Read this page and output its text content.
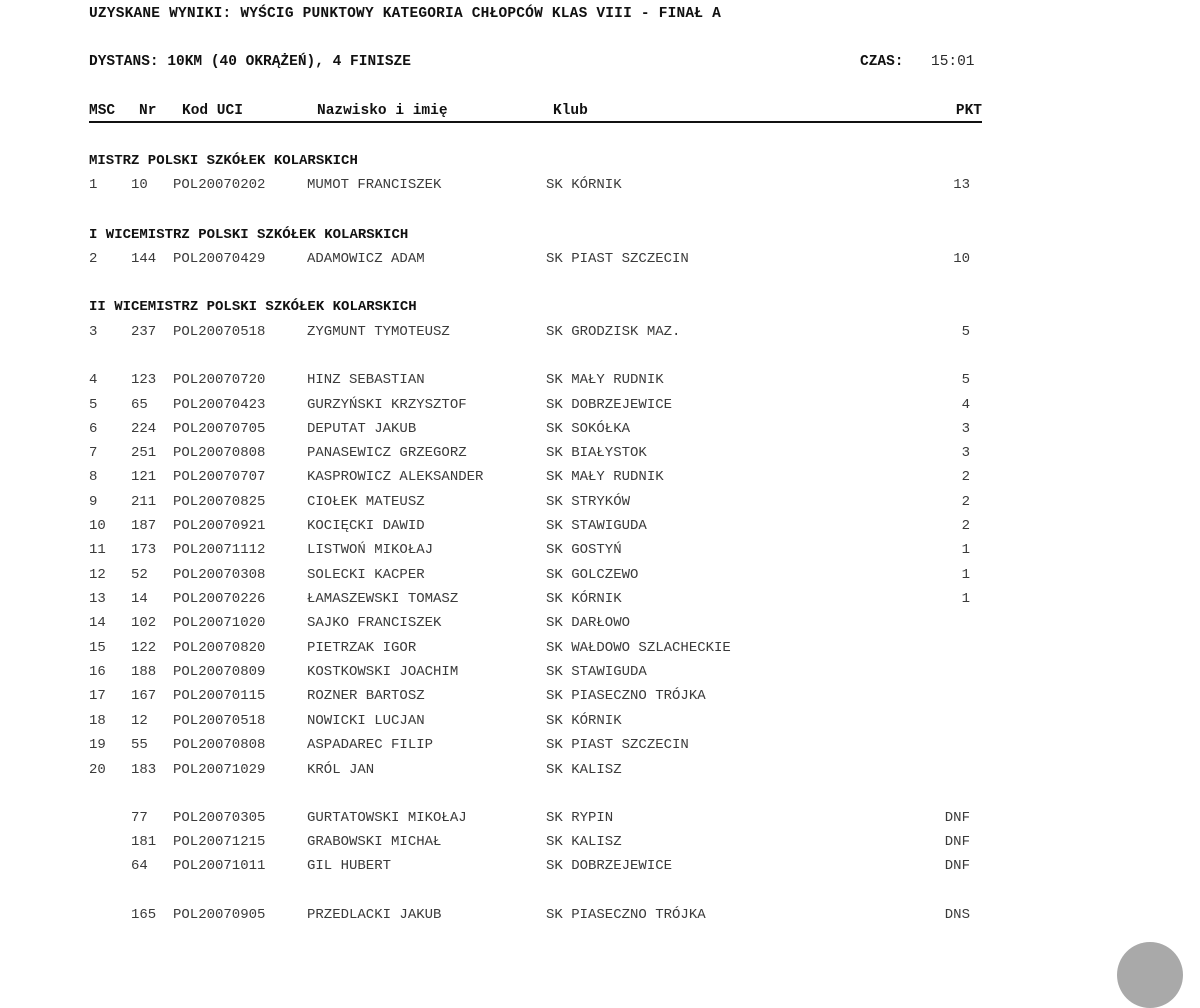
UZYSKANE WYNIKI: WYŚCIG PUNKTOWY KATEGORIA CHŁOPCÓW KLAS VIII - FINAŁ A
DYSTANS: 10KM (40 OKRĄŻEŃ), 4 FINISZE	CZAS: 15:01
MSC Nr Kod UCI	Nazwisko i imię	Klub	PKT
MISTRZ POLSKI SZKÓŁEK KOLARSKICH
I WICEMISTRZ POLSKI SZKÓŁEK KOLARSKICH
II WICEMISTRZ POLSKI SZKÓŁEK KOLARSKICH
1 10 POL20070202	MUMOT FRANCISZEK	SK KÓRNIK	13
2 144 POL20070429	ADAMOWICZ ADAM	SK PIAST SZCZECIN	10
3 237 POL20070518	ZYGMUNT TYMOTEUSZ	SK GRODZISK MAZ.	5
4 123 POL20070720	HINZ SEBASTIAN	SK MAŁY RUDNIK	5
5 65 POL20070423	GURZYŃSKI KRZYSZTOF	SK DOBRZEJEWICE	4
6 224 POL20070705	DEPUTAT JAKUB	SK SOKÓŁKA	3
7 251 POL20070808	PANASEWICZ GRZEGORZ	SK BIAŁYSTOK	3
8 121 POL20070707	KASPROWICZ ALEKSANDER	SK MAŁY RUDNIK	2
9 211 POL20070825	CIOŁEK MATEUSZ	SK STRYKÓW	2
10 187 POL20070921	KOCIĘCKI DAWID	SK STAWIGUDA	2
11 173 POL20071112	LISTWOŃ MIKOŁAJ	SK GOSTYŃ	1
12 52 POL20070308	SOLECKI KACPER	SK GOLCZEWO	1
13 14 POL20070226	ŁAMASZEWSKI TOMASZ	SK KÓRNIK	1
14 102 POL20071020	SAJKO FRANCISZEK	SK DARŁOWO
15 122 POL20070820	PIETRZAK IGOR	SK WAŁDOWO SZLACHECKIE
16 188 POL20070809	KOSTKOWSKI JOACHIM	SK STAWIGUDA
17 167 POL20070115	ROZNER BARTOSZ	SK PIASECZNO TRÓJKA
18 12 POL20070518	NOWICKI LUCJAN	SK KÓRNIK
19 55 POL20070808	ASPADAREC FILIP	SK PIAST SZCZECIN
20 183 POL20071029	KRÓL JAN	SK KALISZ
77 POL20070305	GURTATOWSKI MIKOŁAJ	SK RYPIN	DNF
181 POL20071215	GRABOWSKI MICHAŁ	SK KALISZ	DNF
64 POL20071011	GIL HUBERT	SK DOBRZEJEWICE	DNF
165 POL20070905	PRZEDLACKI JAKUB	SK PIASECZNO TRÓJKA	DNS
